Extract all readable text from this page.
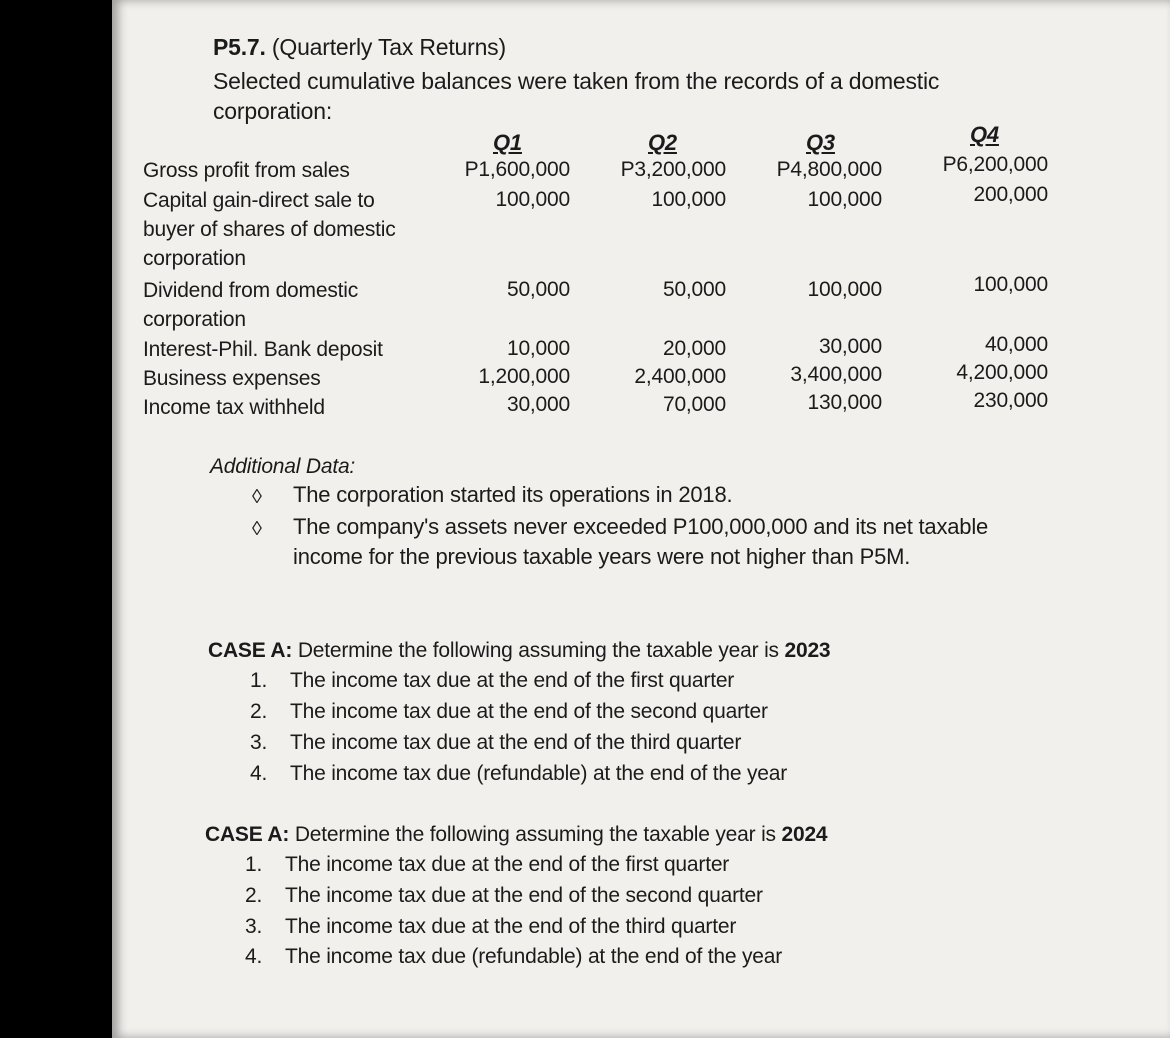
P5.7. (Quarterly Tax Returns)
Selected cumulative balances were taken from the records of a domestic corporation:
Q1	Q2	Q3	Q4
Gross profit from sales	P1,600,000	P3,200,000	P4,800,000	P6,200,000
Capital gain-direct sale to
buyer of shares of domestic
corporation
100,000	100,000	100,000	200,000
Dividend from domestic
corporation
50,000	50,000	100,000	100,000
Interest-Phil. Bank deposit	10,000	20,000	30,000	40,000
Business expenses	1,200,000	2,400,000	3,400,000	4,200,000
Income tax withheld	30,000	70,000	130,000	230,000
Additional Data:
◊ The corporation started its operations in 2018.
◊ The company's assets never exceeded P100,000,000 and its net taxable income for the previous taxable years were not higher than P5M.
CASE A: Determine the following assuming the taxable year is 2023
1. The income tax due at the end of the first quarter
2. The income tax due at the end of the second quarter
3. The income tax due at the end of the third quarter
4. The income tax due (refundable) at the end of the year
CASE A: Determine the following assuming the taxable year is 2024
1. The income tax due at the end of the first quarter
2. The income tax due at the end of the second quarter
3. The income tax due at the end of the third quarter
4. The income tax due (refundable) at the end of the year
